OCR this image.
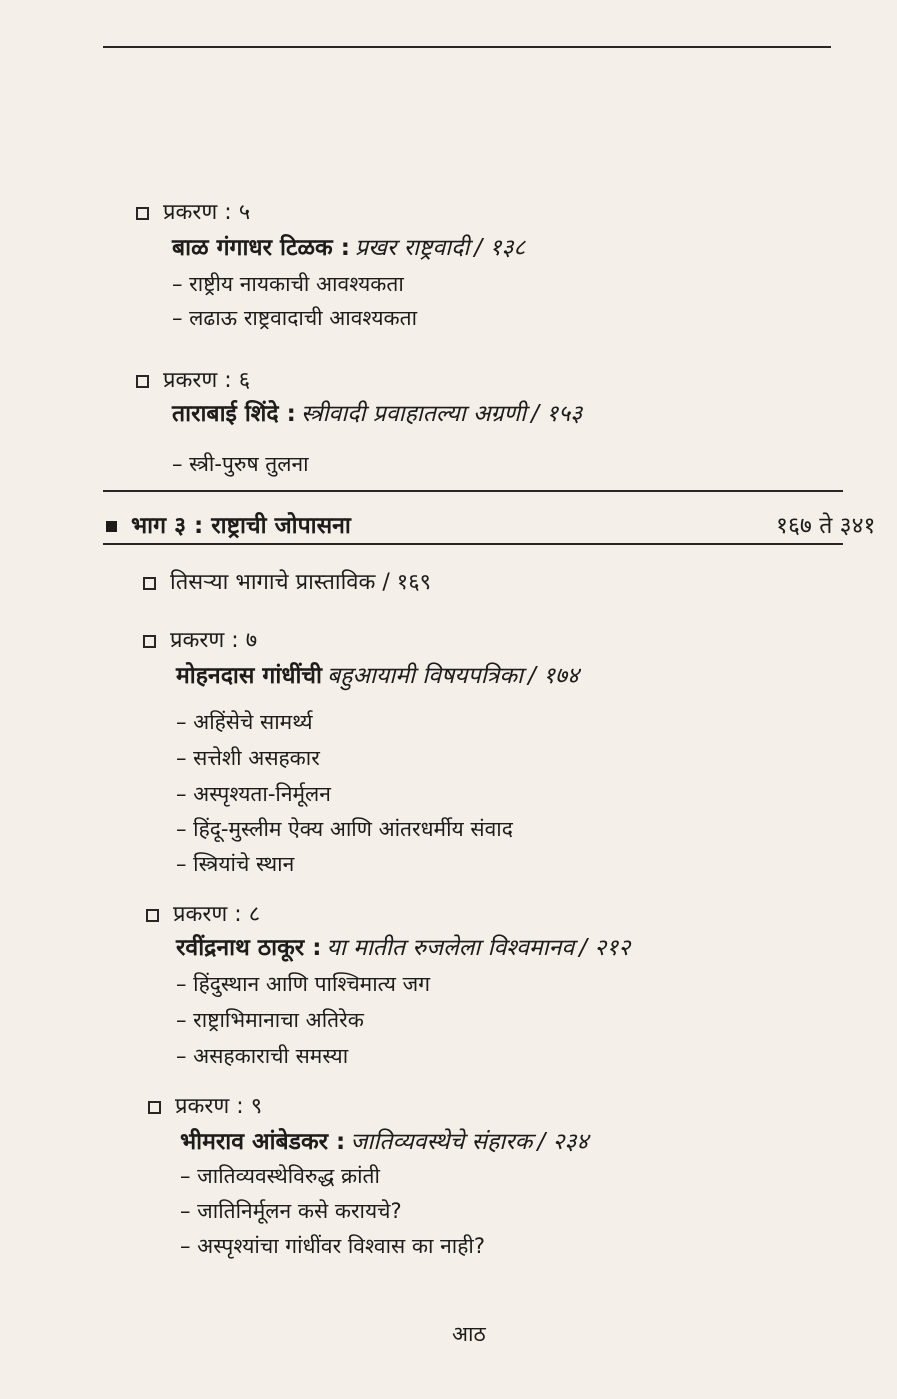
प्रकरण : ५
बाळ गंगाधर टिळक : प्रखर राष्ट्रवादी / १३८
– राष्ट्रीय नायकाची आवश्यकता
– लढाऊ राष्ट्रवादाची आवश्यकता
प्रकरण : ६
ताराबाई शिंदे : स्त्रीवादी प्रवाहातल्या अग्रणी / १५३
– स्त्री-पुरुष तुलना
भाग ३ : राष्ट्राची जोपासना	१६७ ते ३४१
तिसऱ्या भागाचे प्रास्ताविक / १६९
प्रकरण : ७
मोहनदास गांधींची बहुआयामी विषयपत्रिका / १७४
– अहिंसेचे सामर्थ्य
– सत्तेशी असहकार
– अस्पृश्यता-निर्मूलन
– हिंदू-मुस्लीम ऐक्य आणि आंतरधर्मीय संवाद
– स्त्रियांचे स्थान
प्रकरण : ८
रवींद्रनाथ ठाकूर : या मातीत रुजलेला विश्वमानव / २१२
– हिंदुस्थान आणि पाश्चिमात्य जग
– राष्ट्राभिमानाचा अतिरेक
– असहकाराची समस्या
प्रकरण : ९
भीमराव आंबेडकर : जातिव्यवस्थेचे संहारक / २३४
– जातिव्यवस्थेविरुद्ध क्रांती
– जातिनिर्मूलन कसे करायचे?
– अस्पृश्यांचा गांधींवर विश्वास का नाही?
आठ
